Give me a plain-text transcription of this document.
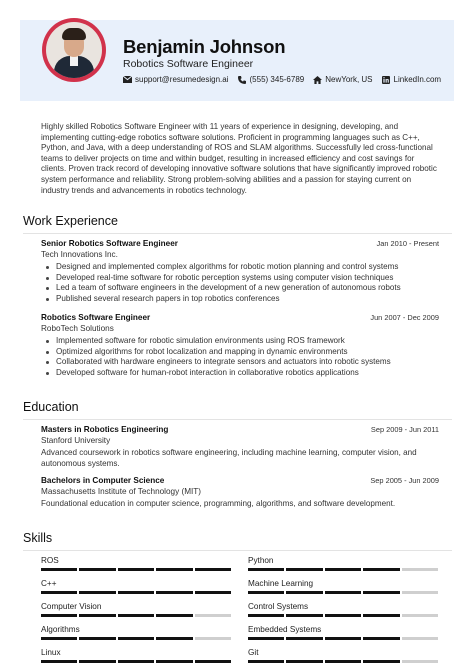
Benjamin Johnson
Robotics Software Engineer
support@resumedesign.ai	(555) 345-6789	NewYork, US	LinkedIn.com

Highly skilled Robotics Software Engineer with 11 years of experience in designing, developing, and implementing cutting-edge robotics software solutions. Proficient in programming languages such as C++, Python, and Java, with a deep understanding of ROS and SLAM algorithms. Successfully led cross-functional teams to deliver projects on time and within budget, resulting in increased efficiency and cost savings for clients. Proven track record of developing innovative software solutions that have significantly improved robotic system performance and reliability. Strong problem-solving abilities and a passion for staying current on industry trends and advancements in robotics technology.

Work Experience
Senior Robotics Software Engineer	Jan 2010 - Present
Tech Innovations Inc.
Designed and implemented complex algorithms for robotic motion planning and control systems
Developed real-time software for robotic perception systems using computer vision techniques
Led a team of software engineers in the development of a new generation of autonomous robots
Published several research papers in top robotics conferences
Robotics Software Engineer	Jun 2007 - Dec 2009
RoboTech Solutions
Implemented software for robotic simulation environments using ROS framework
Optimized algorithms for robot localization and mapping in dynamic environments
Collaborated with hardware engineers to integrate sensors and actuators into robotic systems
Developed software for human-robot interaction in collaborative robotics applications
Education
Masters in Robotics Engineering	Sep 2009 - Jun 2011
Stanford University
Advanced coursework in robotics software engineering, including machine learning, computer vision, and autonomous systems.
Bachelors in Computer Science	Sep 2005 - Jun 2009
Massachusetts Institute of Technology (MIT)
Foundational education in computer science, programming, algorithms, and software development.
Skills
ROS	Python
C++	Machine Learning
Computer Vision	Control Systems
Algorithms	Embedded Systems
Linux	Git
